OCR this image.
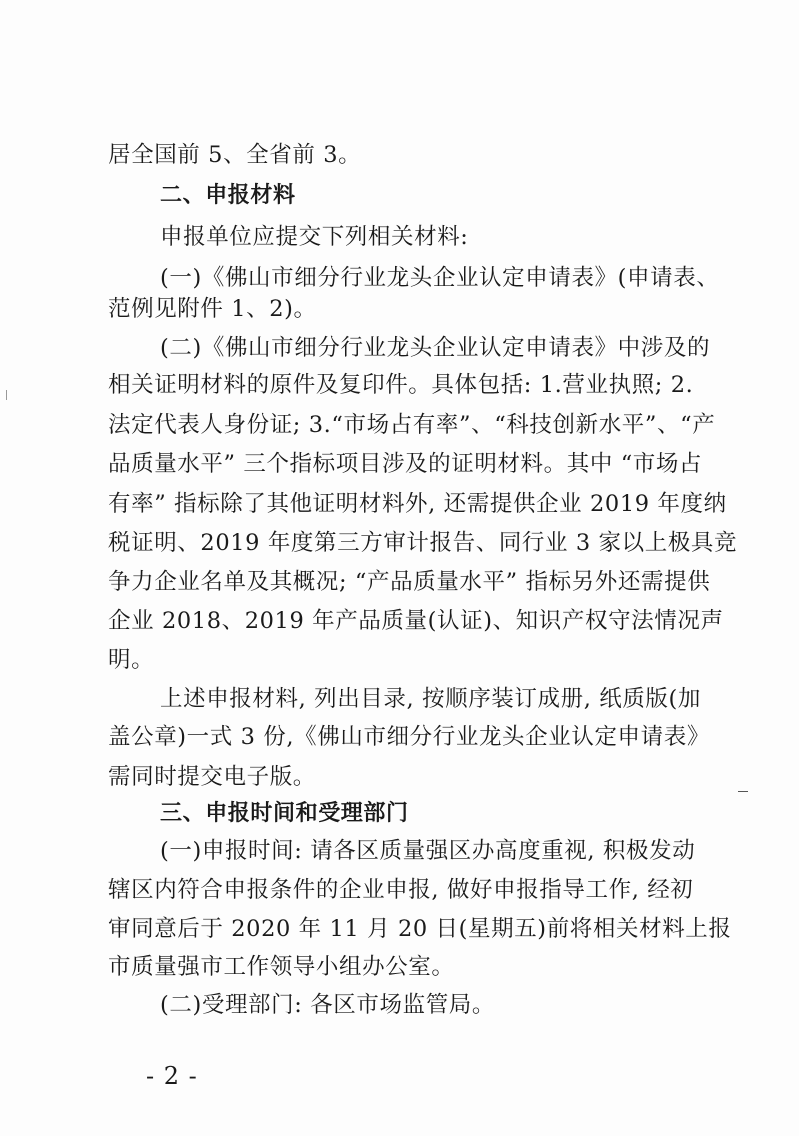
居全国前 5、全省前 3。
二、申报材料
申报单位应提交下列相关材料:
(一)《佛山市细分行业龙头企业认定申请表》(申请表、
范例见附件 1、2)。
(二)《佛山市细分行业龙头企业认定申请表》中涉及的
相关证明材料的原件及复印件。具体包括: 1.营业执照; 2.
法定代表人身份证; 3.“市场占有率”、“科技创新水平”、“产
品质量水平” 三个指标项目涉及的证明材料。其中 “市场占
有率” 指标除了其他证明材料外, 还需提供企业 2019 年度纳
税证明、2019 年度第三方审计报告、同行业 3 家以上极具竞
争力企业名单及其概况; “产品质量水平” 指标另外还需提供
企业 2018、2019 年产品质量(认证)、知识产权守法情况声
明。
上述申报材料, 列出目录, 按顺序装订成册, 纸质版(加
盖公章)一式 3 份,《佛山市细分行业龙头企业认定申请表》
需同时提交电子版。
三、申报时间和受理部门
(一)申报时间: 请各区质量强区办高度重视, 积极发动
辖区内符合申报条件的企业申报, 做好申报指导工作, 经初
审同意后于 2020 年 11 月 20 日(星期五)前将相关材料上报
市质量强市工作领导小组办公室。
(二)受理部门: 各区市场监管局。
- 2 -
